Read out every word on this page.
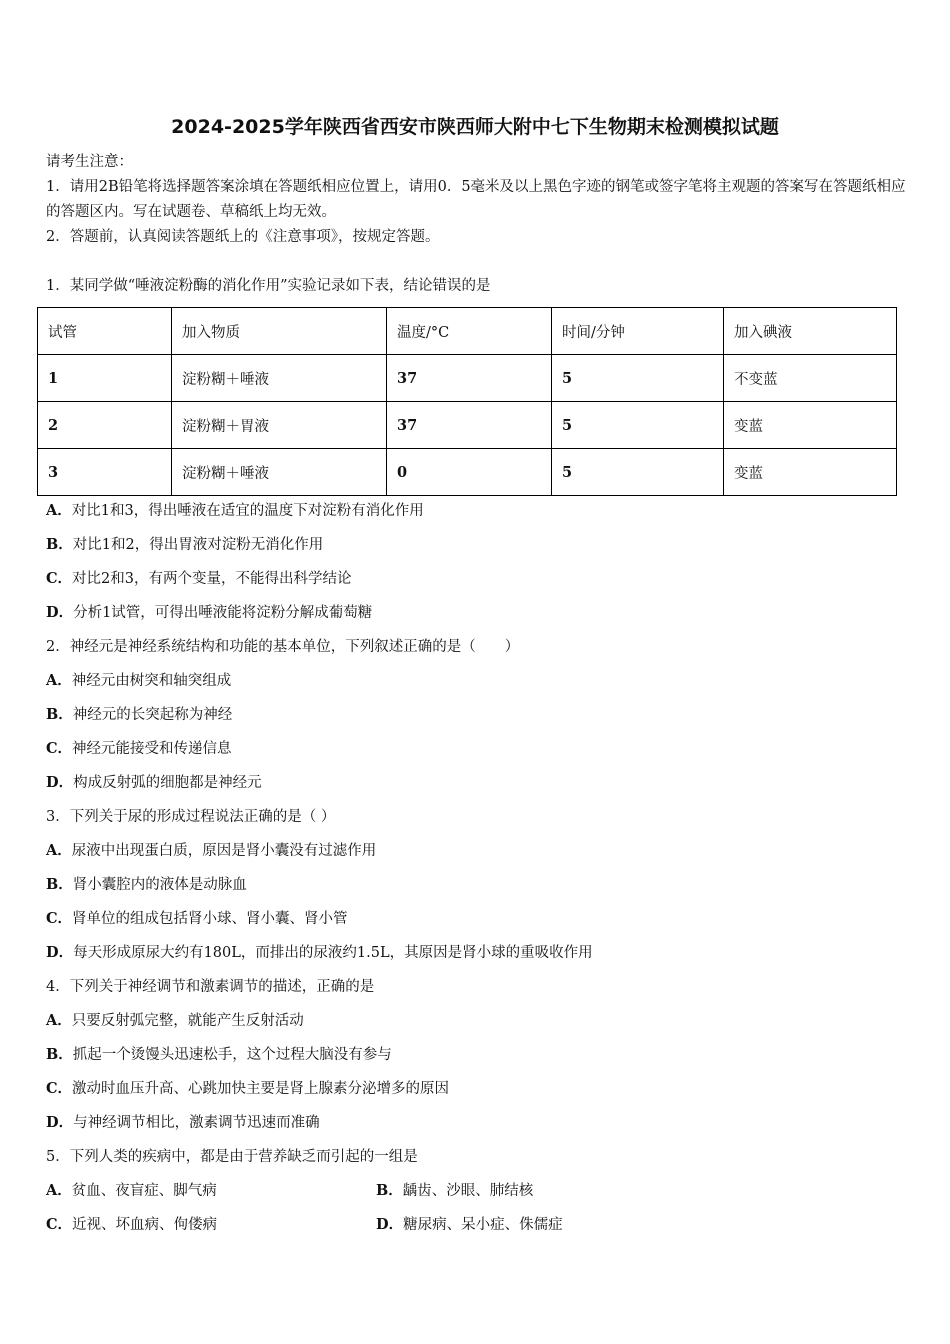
2024-2025学年陕西省西安市陕西师大附中七下生物期末检测模拟试题
请考生注意：
1．请用2B铅笔将选择题答案涂填在答题纸相应位置上，请用0．5毫米及以上黑色字迹的钢笔或签字笔将主观题的答案写在答题纸相应的答题区内。写在试题卷、草稿纸上均无效。
2．答题前，认真阅读答题纸上的《注意事项》，按规定答题。
1．某同学做“唾液淀粉酶的消化作用”实验记录如下表，结论错误的是
试管	加入物质	温度/°C	时间/分钟	加入碘液
1	淀粉糊＋唾液	37	5	不变蓝
2	淀粉糊＋胃液	37	5	变蓝
3	淀粉糊＋唾液	0	5	变蓝
A．对比1和3，得出唾液在适宜的温度下对淀粉有消化作用
B．对比1和2，得出胃液对淀粉无消化作用
C．对比2和3，有两个变量，不能得出科学结论
D．分析1试管，可得出唾液能将淀粉分解成葡萄糖
2．神经元是神经系统结构和功能的基本单位，下列叙述正确的是（　　）
A．神经元由树突和轴突组成
B．神经元的长突起称为神经
C．神经元能接受和传递信息
D．构成反射弧的细胞都是神经元
3．下列关于尿的形成过程说法正确的是（ ）
A．尿液中出现蛋白质，原因是肾小囊没有过滤作用
B．肾小囊腔内的液体是动脉血
C．肾单位的组成包括肾小球、肾小囊、肾小管
D．每天形成原尿大约有180L，而排出的尿液约1.5L，其原因是肾小球的重吸收作用
4．下列关于神经调节和激素调节的描述，正确的是
A．只要反射弧完整，就能产生反射活动
B．抓起一个烫馒头迅速松手，这个过程大脑没有参与
C．激动时血压升高、心跳加快主要是肾上腺素分泌增多的原因
D．与神经调节相比，激素调节迅速而准确
5．下列人类的疾病中，都是由于营养缺乏而引起的一组是
A．贫血、夜盲症、脚气病	B．龋齿、沙眼、肺结核
C．近视、坏血病、佝偻病	D．糖尿病、呆小症、侏儒症
